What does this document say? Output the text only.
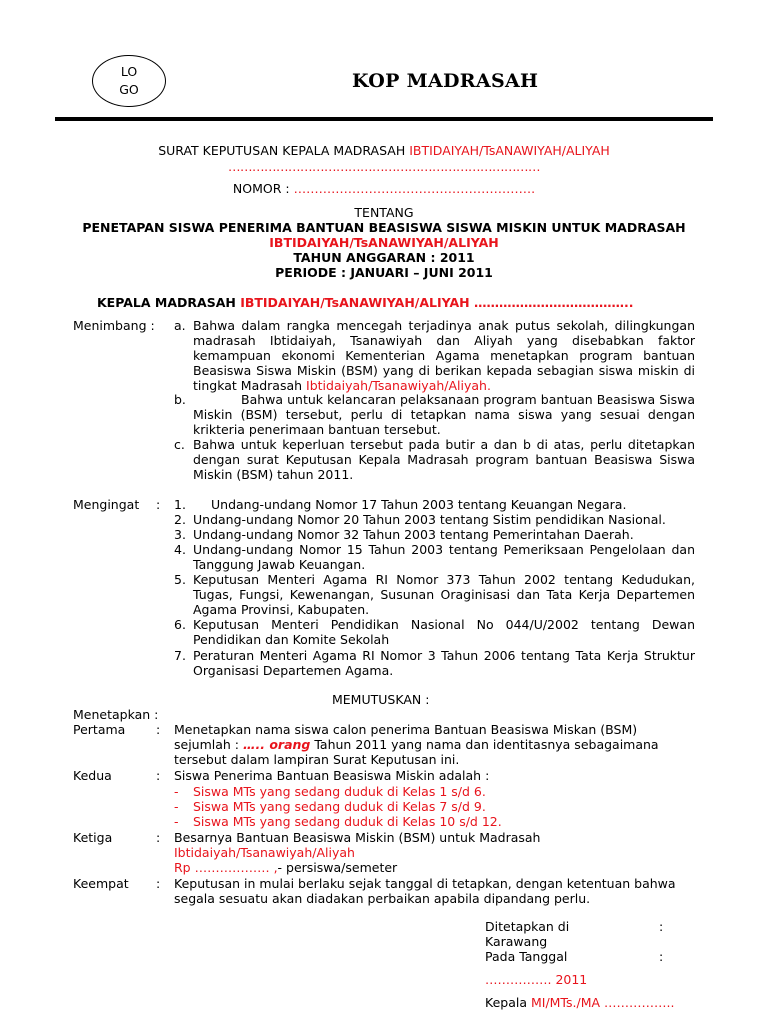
LO
GO	KOP MADRASAH
SURAT KEPUTUSAN KEPALA MADRASAH IBTIDAIYAH/TsANAWIYAH/ALIYAH
……………………………………………………………………
NOMOR : ………………………………………………….
TENTANG
PENETAPAN SISWA PENERIMA BANTUAN BEASISWA SISWA MISKIN UNTUK MADRASAH
IBTIDAIYAH/TsANAWIYAH/ALIYAH
TAHUN ANGGARAN : 2011
PERIODE : JANUARI – JUNI 2011
KEPALA MADRASAH IBTIDAIYAH/TsANAWIYAH/ALIYAH ………………………………..
Menimbang : a. Bahwa dalam rangka mencegah terjadinya anak putus sekolah, dilingkungan madrasah Ibtidaiyah, Tsanawiyah dan Aliyah yang disebabkan faktor kemampuan ekonomi Kementerian Agama menetapkan program bantuan Beasiswa Siswa Miskin (BSM) yang di berikan kepada sebagian siswa miskin di tingkat Madrasah Ibtidaiyah/Tsanawiyah/Aliyah.
b.	Bahwa untuk kelancaran pelaksanaan program bantuan Beasiswa Siswa Miskin (BSM) tersebut, perlu di tetapkan nama siswa yang sesuai dengan krikteria penerimaan bantuan tersebut.
c. Bahwa untuk keperluan tersebut pada butir a dan b di atas, perlu ditetapkan dengan surat Keputusan Kepala Madrasah program bantuan Beasiswa Siswa Miskin (BSM) tahun 2011.
Mengingat : 1. Undang-undang Nomor 17 Tahun 2003 tentang Keuangan Negara.
2. Undang-undang Nomor 20 Tahun 2003 tentang Sistim pendidikan Nasional.
3. Undang-undang Nomor 32 Tahun 2003 tentang Pemerintahan Daerah.
4. Undang-undang Nomor 15 Tahun 2003 tentang Pemeriksaan Pengelolaan dan Tanggung Jawab Keuangan.
5. Keputusan Menteri Agama RI Nomor 373 Tahun 2002 tentang Kedudukan, Tugas, Fungsi, Kewenangan, Susunan Oraginisasi dan Tata Kerja Departemen Agama Provinsi, Kabupaten.
6. Keputusan Menteri Pendidikan Nasional No 044/U/2002 tentang Dewan Pendidikan dan Komite Sekolah
7. Peraturan Menteri Agama RI Nomor 3 Tahun 2006 tentang Tata Kerja Struktur Organisasi Departemen Agama.
MEMUTUSKAN :
Menetapkan :
Pertama : Menetapkan nama siswa calon penerima Bantuan Beasiswa Miskan (BSM)
sejumlah : ….. orang Tahun 2011 yang nama dan identitasnya sebagaimana
tersebut dalam lampiran Surat Keputusan ini.
Kedua	: Siswa Penerima Bantuan Beasiswa Miskin adalah :
- Siswa MTs yang sedang duduk di Kelas 1 s/d 6.
- Siswa MTs yang sedang duduk di Kelas 7 s/d 9.
- Siswa MTs yang sedang duduk di Kelas 10 s/d 12.
Ketiga	: Besarnya Bantuan Beasiswa Miskin (BSM) untuk Madrasah
Ibtidaiyah/Tsanawiyah/Aliyah
Rp ……………… ,- persiswa/semeter
Keempat : Keputusan in mulai berlaku sejak tanggal di tetapkan, dengan ketentuan bahwa
segala sesuatu akan diadakan perbaikan apabila dipandang perlu.
Ditetapkan di	:
Karawang
Pada Tanggal	:
……………. 2011
Kepala MI/MTs./MA ……………..
